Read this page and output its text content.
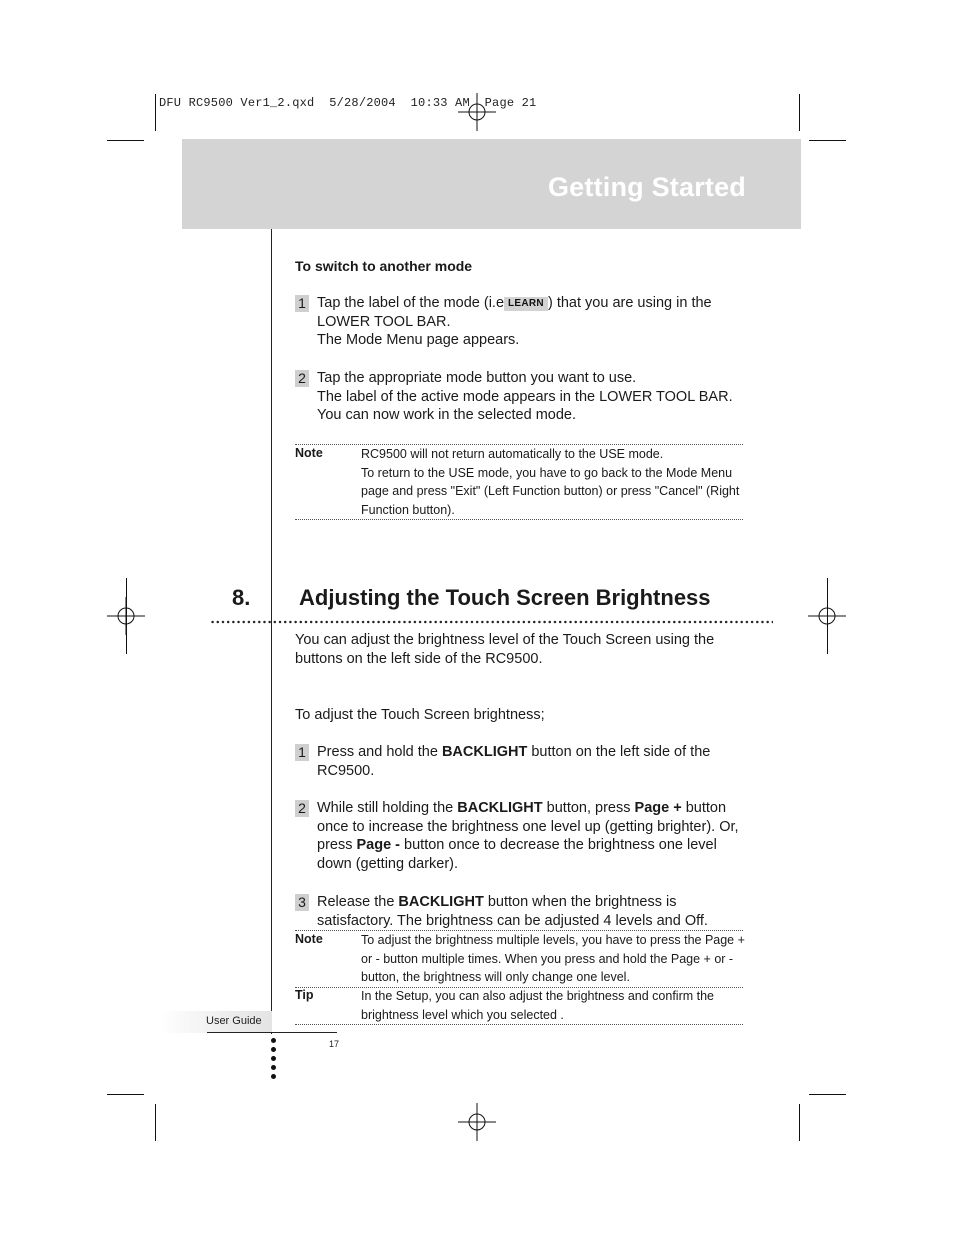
DFU RC9500 Ver1_2.qxd  5/28/2004  10:33 AM  Page 21
Getting Started
To switch to another mode
1 Tap the label of the mode (i.e LEARN ) that you are using in the LOWER TOOL BAR.
The Mode Menu page appears.
2 Tap the appropriate mode button you want to use.
The label of the active mode appears in the LOWER TOOL BAR. You can now work in the selected mode.
Note	RC9500 will not return automatically to the USE mode.
To return to the USE mode, you have to go back to the Mode Menu page and press "Exit" (Left Function button) or press "Cancel" (Right Function button).
8. Adjusting the Touch Screen Brightness
You can adjust the brightness level of the Touch Screen using the buttons on the left side of the RC9500.
To adjust the Touch Screen brightness;
1 Press and hold the BACKLIGHT button on the left side of the RC9500.
2 While still holding the BACKLIGHT button, press Page + button once to increase the brightness one level up (getting brighter). Or, press Page - button once to decrease the brightness one level down (getting darker).
3 Release the BACKLIGHT button when the brightness is satisfactory. The brightness can be adjusted 4 levels and Off.
Note	To adjust the brightness multiple levels, you have to press the Page + or - button multiple times. When you press and hold the Page + or - button, the brightness will only change one level.
Tip	In the Setup, you can also adjust the brightness and confirm the brightness level which you selected .
User Guide
17
